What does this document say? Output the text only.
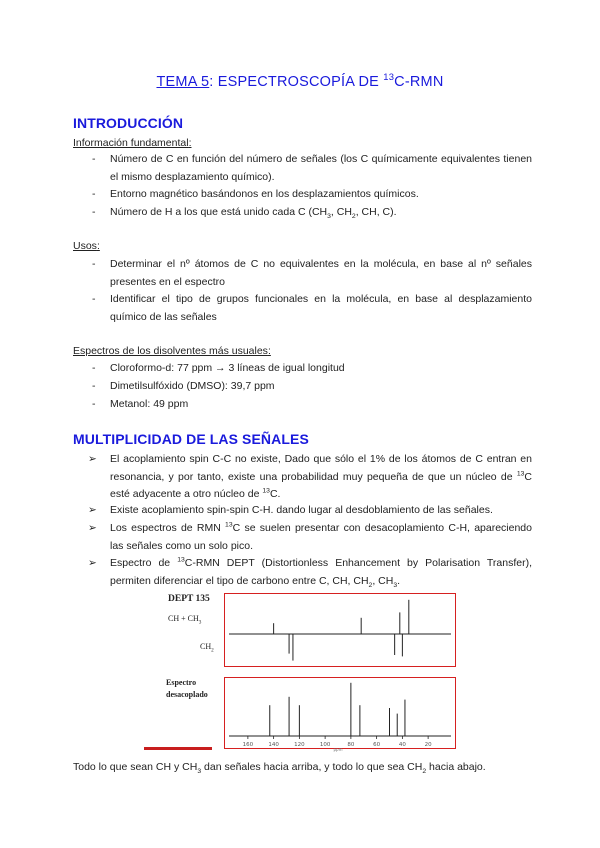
TEMA 5: ESPECTROSCOPÍA DE $^{13}$C-RMN
INTRODUCCIÓN
Información fundamental:
-	Número de C en función del número de señales (los C químicamente equivalentes tienen el mismo desplazamiento químico).
-	Entorno magnético basándonos en los desplazamientos químicos.
-	Número de H a los que está unido cada C ($CH_3$, $CH_2$, CH, C).
Usos:
-	Determinar el nº átomos de C no equivalentes en la molécula, en base al nº señales presentes en el espectro
-	Identificar el tipo de grupos funcionales en la molécula, en base al desplazamiento químico de las señales
Espectros de los disolventes más usuales:
-	Cloroformo-d: 77 ppm → 3 líneas de igual longitud
-	Dimetilsulfóxido (DMSO): 39,7 ppm
-	Metanol: 49 ppm
MULTIPLICIDAD DE LAS SEÑALES
➢	El acoplamiento spin C-C no existe, Dado que sólo el 1% de los átomos de C entran en resonancia, y por tanto, existe una probabilidad muy pequeña de que un núcleo de $^{13}$C esté adyacente a otro núcleo de $^{13}$C.
➢	Existe acoplamiento spin-spin C-H. dando lugar al desdoblamiento de las señales.
➢	Los espectros de RMN $^{13}$C se suelen presentar con desacoplamiento C-H, apareciendo las señales como un solo pico.
➢	Espectro de $^{13}$C-RMN DEPT (Distortionless Enhancement by Polarisation Transfer), permiten diferenciar el tipo de carbono entre C, CH, $CH_2$, $CH_3$.
DEPT 135
CH + $CH_3$
$CH_2$
Espectro
desacoplado
160	140	120	100	80	60	40	20
ppm
Todo lo que sean CH y $CH_3$ dan señales hacia arriba, y todo lo que sea $CH_2$ hacia abajo.
